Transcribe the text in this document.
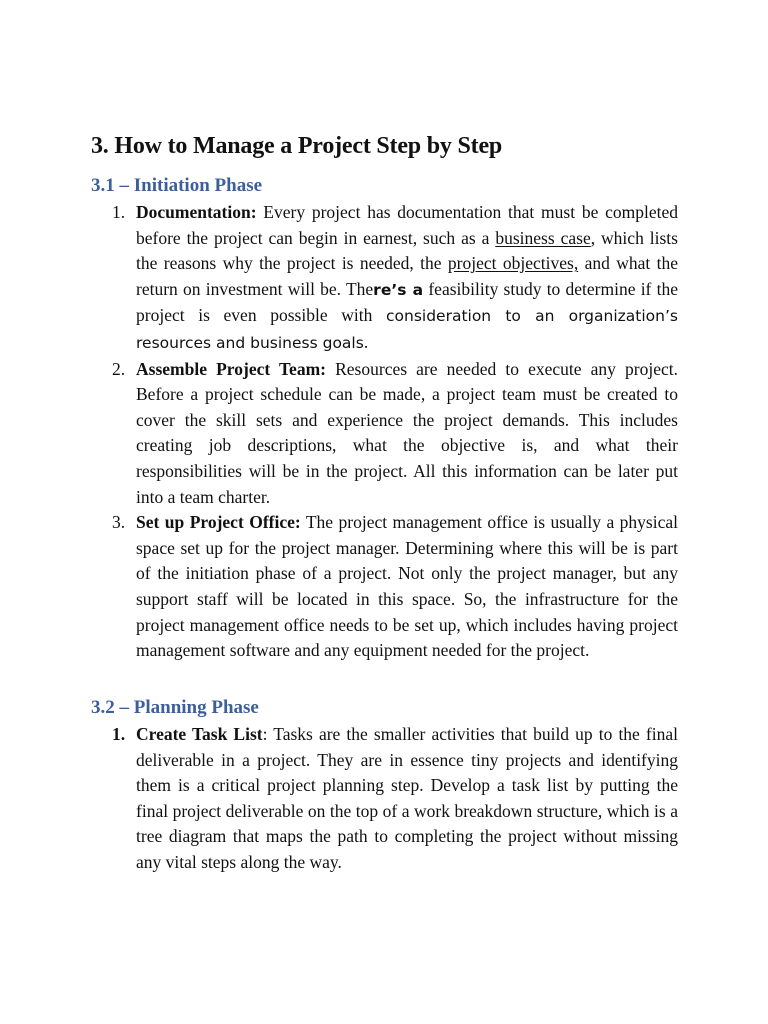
3. How to Manage a Project Step by Step
3.1 – Initiation Phase
1. Documentation: Every project has documentation that must be completed before the project can begin in earnest, such as a business case, which lists the reasons why the project is needed, the project objectives, and what the return on investment will be. There’s a feasibility study to determine if the project is even possible with consideration to an organization’s resources and business goals.
2. Assemble Project Team: Resources are needed to execute any project. Before a project schedule can be made, a project team must be created to cover the skill sets and experience the project demands. This includes creating job descriptions, what the objective is, and what their responsibilities will be in the project. All this information can be later put into a team charter.
3. Set up Project Office: The project management office is usually a physical space set up for the project manager. Determining where this will be is part of the initiation phase of a project. Not only the project manager, but any support staff will be located in this space. So, the infrastructure for the project management office needs to be set up, which includes having project management software and any equipment needed for the project.
3.2 – Planning Phase
1. Create Task List: Tasks are the smaller activities that build up to the final deliverable in a project. They are in essence tiny projects and identifying them is a critical project planning step. Develop a task list by putting the final project deliverable on the top of a work breakdown structure, which is a tree diagram that maps the path to completing the project without missing any vital steps along the way.
